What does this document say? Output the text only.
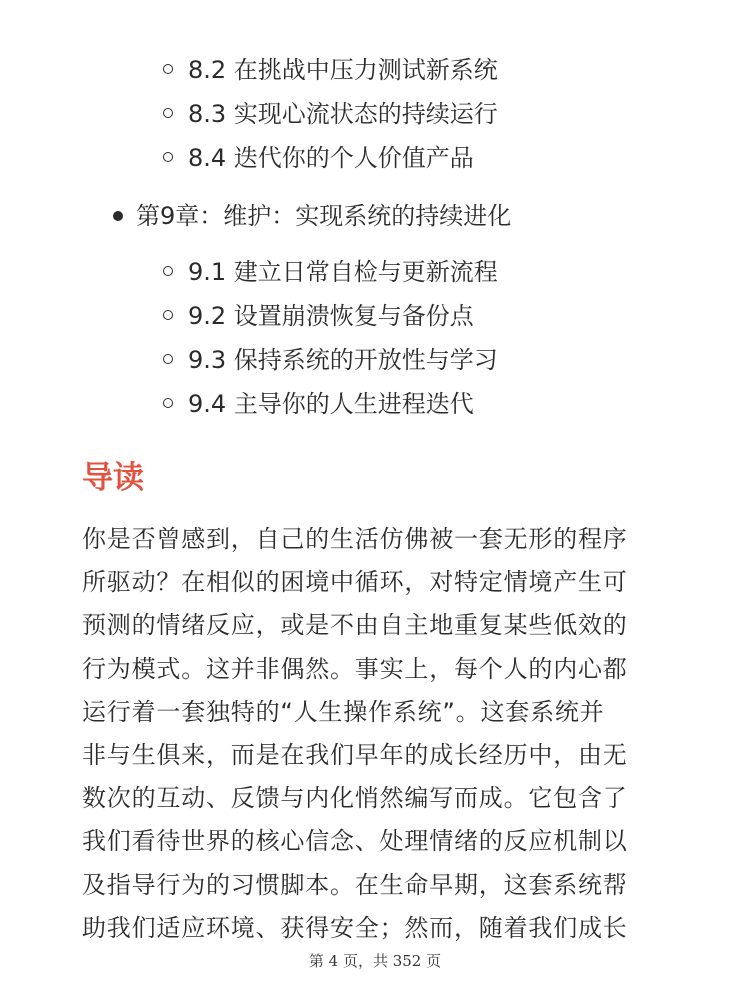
8.2 在挑战中压力测试新系统
8.3 实现心流状态的持续运行
8.4 迭代你的个人价值产品
第9章：维护：实现系统的持续进化
9.1 建立日常自检与更新流程
9.2 设置崩溃恢复与备份点
9.3 保持系统的开放性与学习
9.4 主导你的人生进程迭代
导读

你是否曾感到，自己的生活仿佛被一套无形的程序
所驱动？在相似的困境中循环，对特定情境产生可
预测的情绪反应，或是不由自主地重复某些低效的
行为模式。这并非偶然。事实上，每个人的内心都
运行着一套独特的“人生操作系统”。这套系统并
非与生俱来，而是在我们早年的成长经历中，由无
数次的互动、反馈与内化悄然编写而成。它包含了
我们看待世界的核心信念、处理情绪的反应机制以
及指导行为的习惯脚本。在生命早期，这套系统帮
助我们适应环境、获得安全；然而，随着我们成长

第 4 页，共 352 页
